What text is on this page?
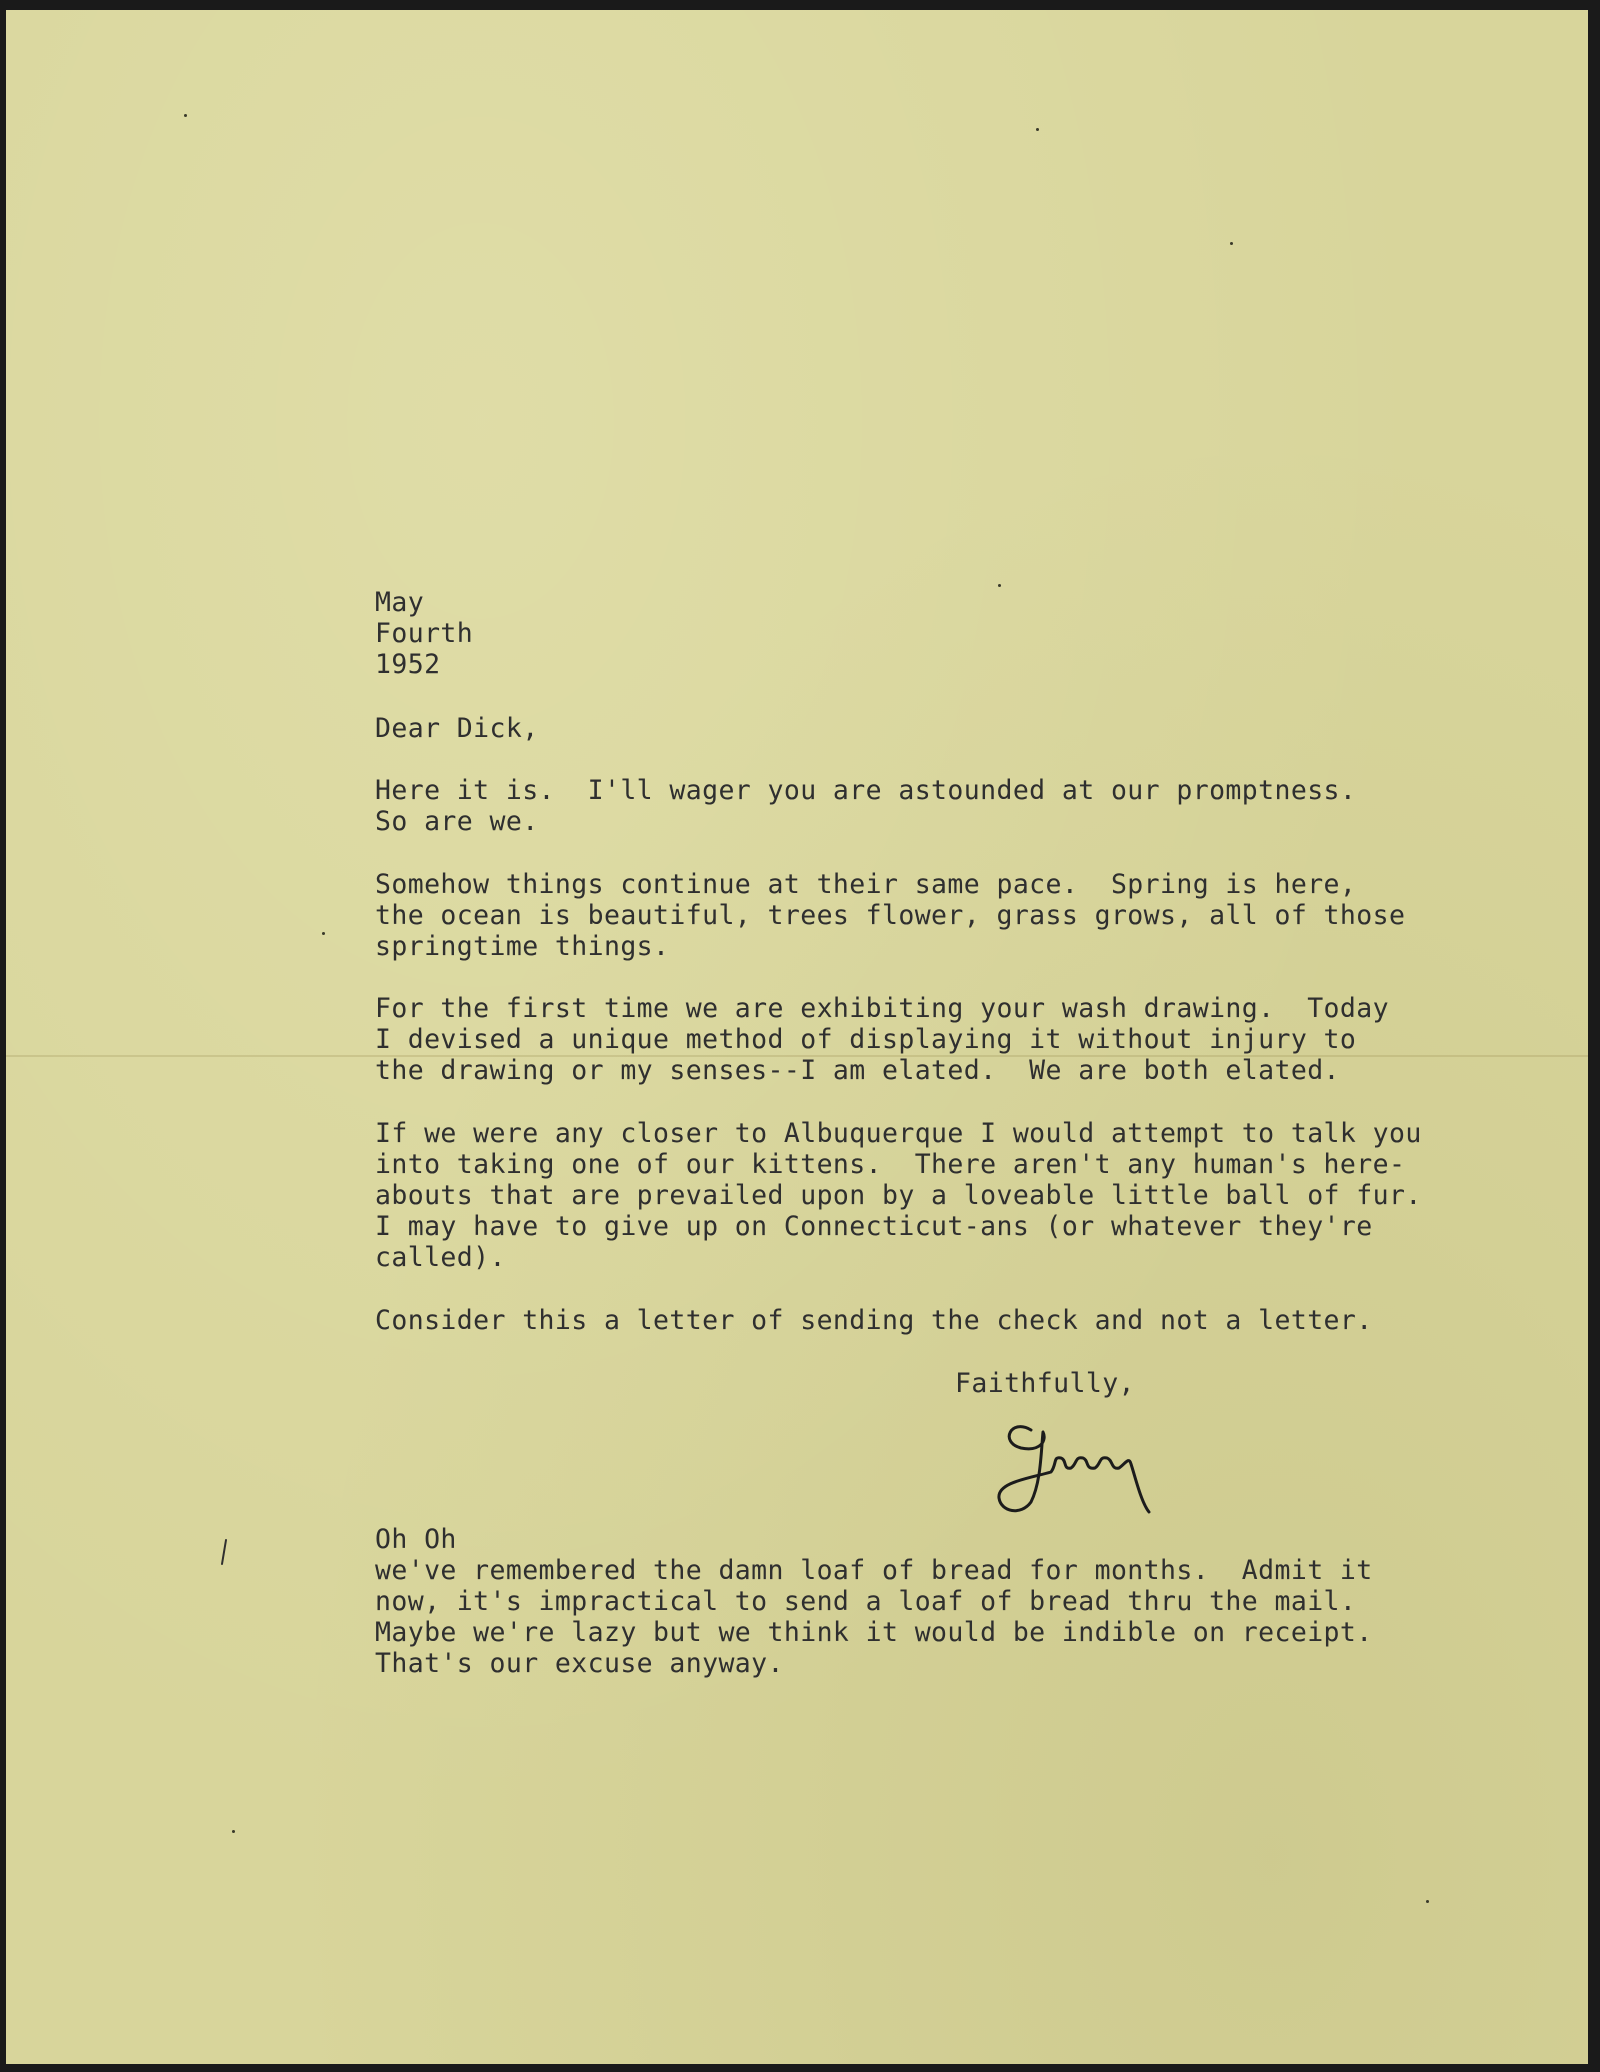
May
Fourth
1952
Dear Dick,
Here it is.  I'll wager you are astounded at our promptness.
So are we.
Somehow things continue at their same pace.  Spring is here,
the ocean is beautiful, trees flower, grass grows, all of those
springtime things.
For the first time we are exhibiting your wash drawing.  Today
I devised a unique method of displaying it without injury to
the drawing or my senses--I am elated.  We are both elated.
If we were any closer to Albuquerque I would attempt to talk you
into taking one of our kittens.  There aren't any human's here-
abouts that are prevailed upon by a loveable little ball of fur.
I may have to give up on Connecticut-ans (or whatever they're
called).
Consider this a letter of sending the check and not a letter.
Faithfully,
Oh Oh
we've remembered the damn loaf of bread for months.  Admit it
now, it's impractical to send a loaf of bread thru the mail.
Maybe we're lazy but we think it would be indible on receipt.
That's our excuse anyway.
